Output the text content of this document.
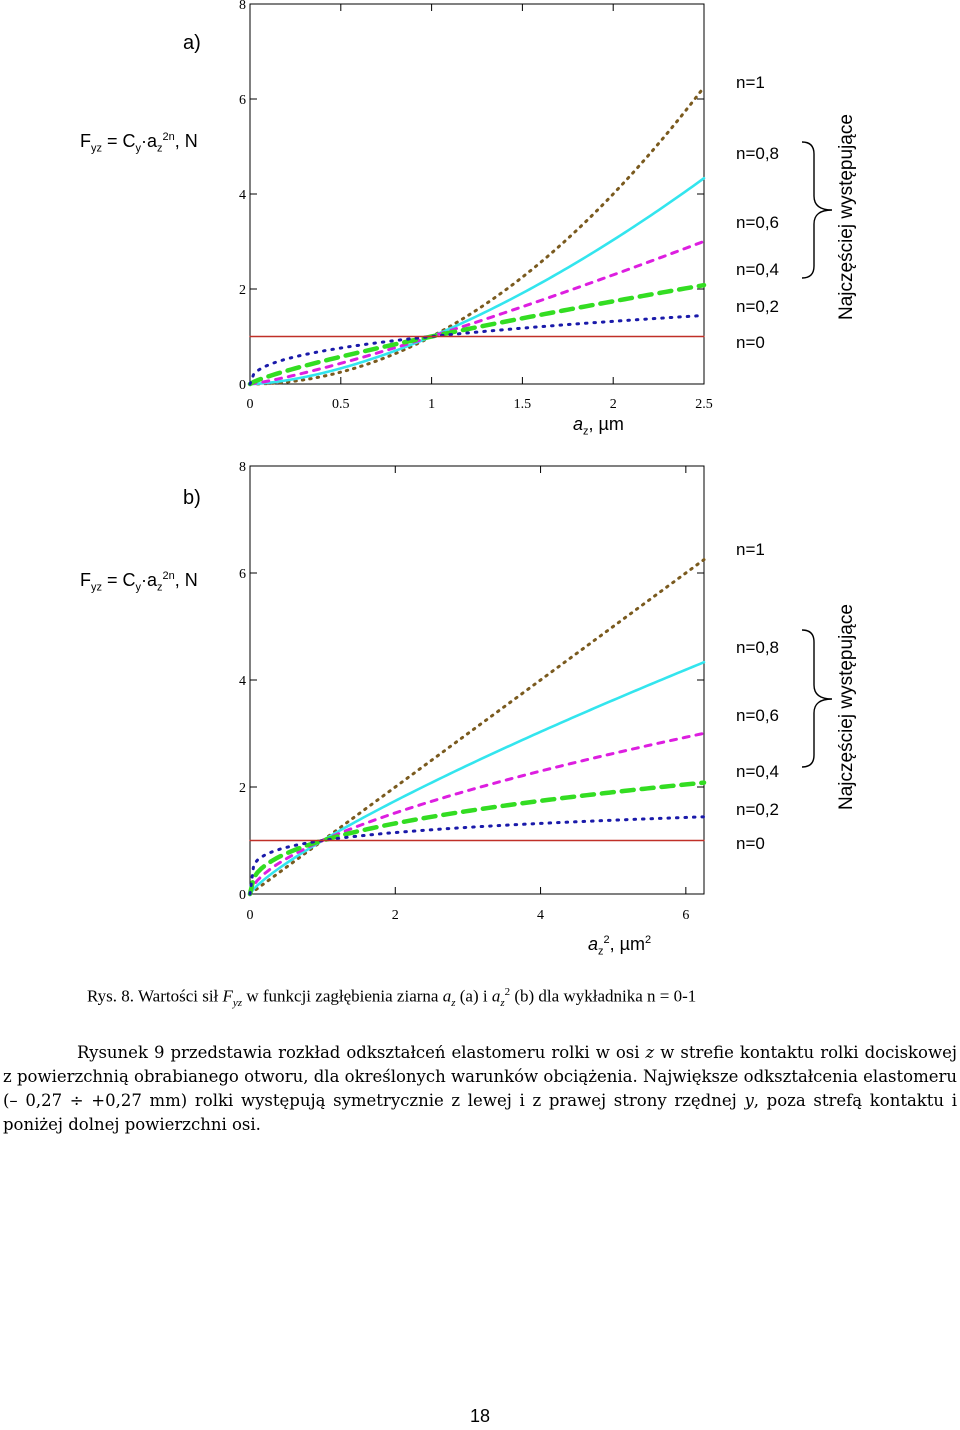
a)
$F_{yz} = C_y\cdot a_z^{2n}$, N
0	0.5	1	1.5	2	2.5
0
2
4
6
8
$a_z$, µm
n=1
n=0,8
n=0,6
n=0,4
n=0,2
n=0
Najczęściej występujące
b)
$F_{yz} = C_y\cdot a_z^{2n}$, N
0	2	4	6
0
2
4
6
8
$a_z^2$, µm$^2$
n=1
n=0,8
n=0,6
n=0,4
n=0,2
n=0
Najczęściej występujące
Rys. 8. Wartości sił $F_{yz}$ w funkcji zagłębienia ziarna $a_z$ (a) i $a_z^2$ (b) dla wykładnika n = 0-1
Rysunek 9 przedstawia rozkład odkształceń elastomeru rolki w osi z w strefie kontaktu rolki dociskowej z powierzchnią obrabianego otworu, dla określonych warunków obciążenia. Największe odkształcenia elastomeru (– 0,27 ÷ +0,27 mm) rolki występują symetrycznie z lewej i z prawej strony rzędnej y, poza strefą kontaktu i poniżej dolnej powierzchni osi.
18
